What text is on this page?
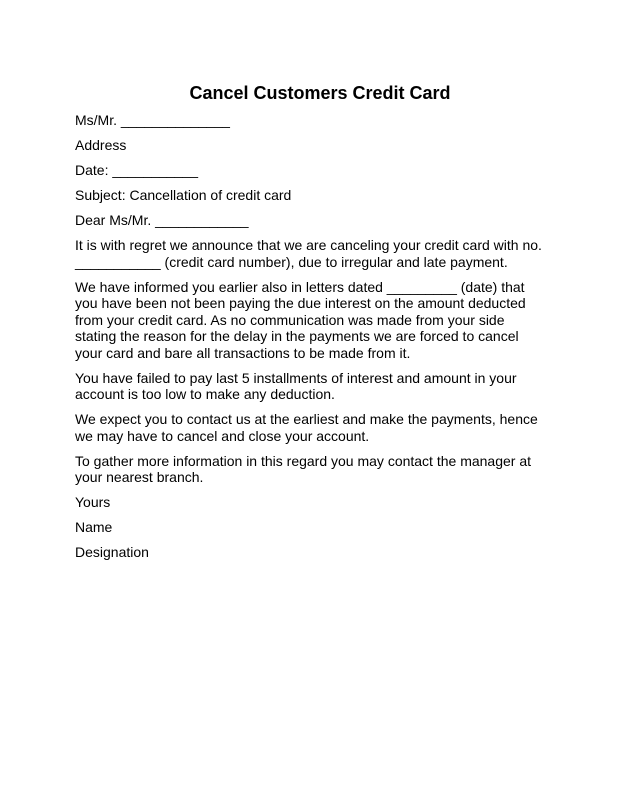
Cancel Customers Credit Card

Ms/Mr. ______________

Address

Date: ___________

Subject: Cancellation of credit card

Dear Ms/Mr. ____________

It is with regret we announce that we are canceling your credit card with no.
___________ (credit card number), due to irregular and late payment.

We have informed you earlier also in letters dated _________ (date) that
you have been not been paying the due interest on the amount deducted
from your credit card. As no communication was made from your side
stating the reason for the delay in the payments we are forced to cancel
your card and bare all transactions to be made from it.

You have failed to pay last 5 installments of interest and amount in your
account is too low to make any deduction.

We expect you to contact us at the earliest and make the payments, hence
we may have to cancel and close your account.

To gather more information in this regard you may contact the manager at
your nearest branch.

Yours

Name

Designation
